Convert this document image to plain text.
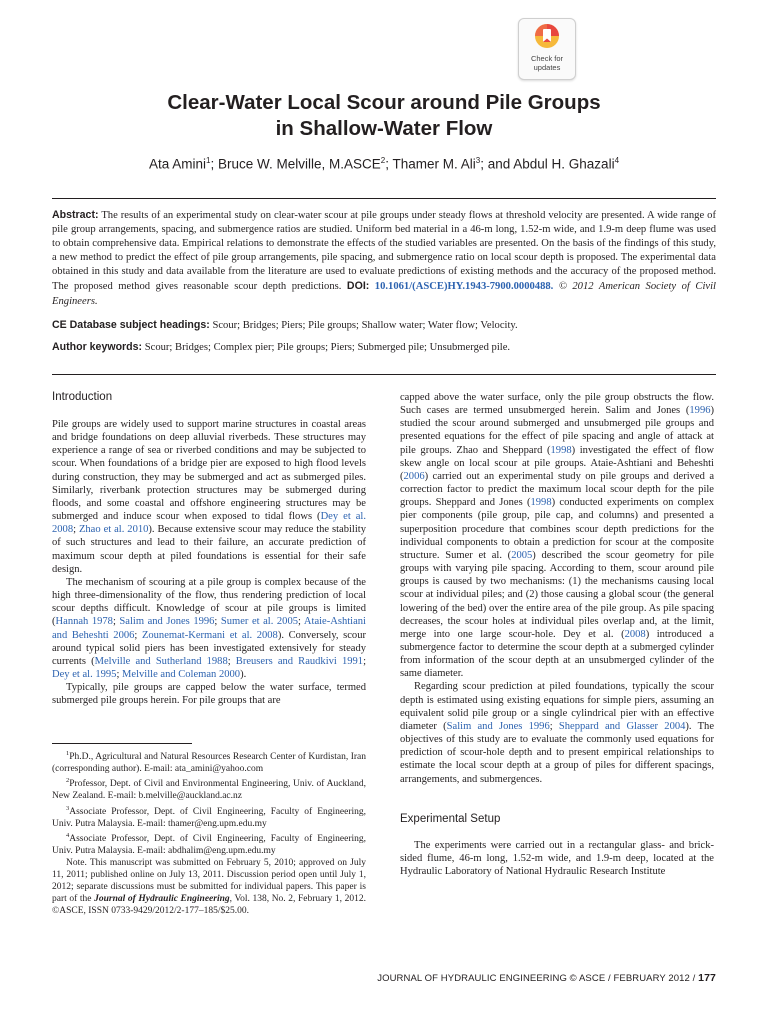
Check for
updates
Clear-Water Local Scour around Pile Groups
in Shallow-Water Flow
Ata Amini$^1$; Bruce W. Melville, M.ASCE$^2$; Thamer M. Ali$^3$; and Abdul H. Ghazali$^4$

Abstract: The results of an experimental study on clear-water scour at pile groups under steady flows at threshold velocity are presented. A wide range of pile group arrangements, spacing, and submergence ratios are studied. Uniform bed material in a 46-m long, 1.52-m wide, and 1.9-m deep flume was used to obtain comprehensive data. Empirical relations to demonstrate the effects of the studied variables are presented. On the basis of the findings of this study, a new method to predict the effect of pile group arrangements, pile spacing, and submergence ratio on local scour depth is proposed. The experimental data obtained in this study and data available from the literature are used to evaluate predictions of existing methods and the accuracy of the proposed method. The proposed method gives reasonable scour depth predictions. DOI: 10.1061/(ASCE)HY.1943-7900.0000488. © 2012 American Society of Civil Engineers.

CE Database subject headings: Scour; Bridges; Piers; Pile groups; Shallow water; Water flow; Velocity.

Author keywords: Scour; Bridges; Complex pier; Pile groups; Piers; Submerged pile; Unsubmerged pile.

Introduction

Pile groups are widely used to support marine structures in coastal areas and bridge foundations on deep alluvial riverbeds. These structures may experience a range of sea or riverbed conditions and may be subjected to scour. When foundations of a bridge pier are exposed to high flood levels during construction, they may be submerged and act as submerged piles. Similarly, riverbank protection structures may be submerged during floods, and some coastal and offshore engineering structures may be submerged and induce scour when exposed to tidal flows (Dey et al. 2008; Zhao et al. 2010). Because extensive scour may reduce the stability of such structures and lead to their failure, an accurate prediction of maximum scour depth at piled foundations is essential for their safe design.

The mechanism of scouring at a pile group is complex because of the high three-dimensionality of the flow, thus rendering prediction of local scour depths difficult. Knowledge of scour at pile groups is limited (Hannah 1978; Salim and Jones 1996; Sumer et al. 2005; Ataie-Ashtiani and Beheshti 2006; Zounemat-Kermani et al. 2008). Conversely, scour around typical solid piers has been investigated extensively for steady currents (Melville and Sutherland 1988; Breusers and Raudkivi 1991; Dey et al. 1995; Melville and Coleman 2000).

Typically, pile groups are capped below the water surface, termed submerged pile groups herein. For pile groups that are

$^1$Ph.D., Agricultural and Natural Resources Research Center of Kurdistan, Iran (corresponding author). E-mail: ata_amini@yahoo.com

$^2$Professor, Dept. of Civil and Environmental Engineering, Univ. of Auckland, New Zealand. E-mail: b.melville@auckland.ac.nz

$^3$Associate Professor, Dept. of Civil Engineering, Faculty of Engineering, Univ. Putra Malaysia. E-mail: thamer@eng.upm.edu.my

$^4$Associate Professor, Dept. of Civil Engineering, Faculty of Engineering, Univ. Putra Malaysia. E-mail: abdhalim@eng.upm.edu.my

Note. This manuscript was submitted on February 5, 2010; approved on July 11, 2011; published online on July 13, 2011. Discussion period open until July 1, 2012; separate discussions must be submitted for individual papers. This paper is part of the Journal of Hydraulic Engineering, Vol. 138, No. 2, February 1, 2012. ©ASCE, ISSN 0733-9429/2012/2-177–185/$25.00.

capped above the water surface, only the pile group obstructs the flow. Such cases are termed unsubmerged herein. Salim and Jones (1996) studied the scour around submerged and unsubmerged pile groups and presented equations for the effect of pile spacing and angle of attack at pile groups. Zhao and Sheppard (1998) investigated the effect of flow skew angle on local scour at pile groups. Ataie-Ashtiani and Beheshti (2006) carried out an experimental study on pile groups and derived a correction factor to predict the maximum local scour depth for the pile groups. Sheppard and Jones (1998) conducted experiments on complex pier components (pile group, pile cap, and columns) and presented a superposition procedure that combines scour depth predictions for the individual components to obtain a prediction for scour at the composite structure. Sumer et al. (2005) described the scour geometry for pile groups with varying pile spacing. According to them, scour around pile groups is caused by two mechanisms: (1) the mechanisms causing local scour at individual piles; and (2) those causing a global scour (the general lowering of the bed) over the entire area of the pile group. As pile spacing decreases, the scour holes at individual piles overlap and, at the limit, merge into one large scour-hole. Dey et al. (2008) introduced a submergence factor to determine the scour depth at a submerged cylinder from information of the scour depth at an unsubmerged cylinder of the same diameter.

Regarding scour prediction at piled foundations, typically the scour depth is estimated using existing equations for simple piers, assuming an equivalent solid pile group or a single cylindrical pier with an effective diameter (Salim and Jones 1996; Sheppard and Glasser 2004). The objectives of this study are to evaluate the commonly used equations for prediction of scour-hole depth and to present empirical relationships to estimate the local scour depth at a group of piles for different spacings, arrangements, and submergences.

Experimental Setup

The experiments were carried out in a rectangular glass- and brick-sided flume, 46-m long, 1.52-m wide, and 1.9-m deep, located at the Hydraulic Laboratory of National Hydraulic Research Institute

JOURNAL OF HYDRAULIC ENGINEERING © ASCE / FEBRUARY 2012 / 177
